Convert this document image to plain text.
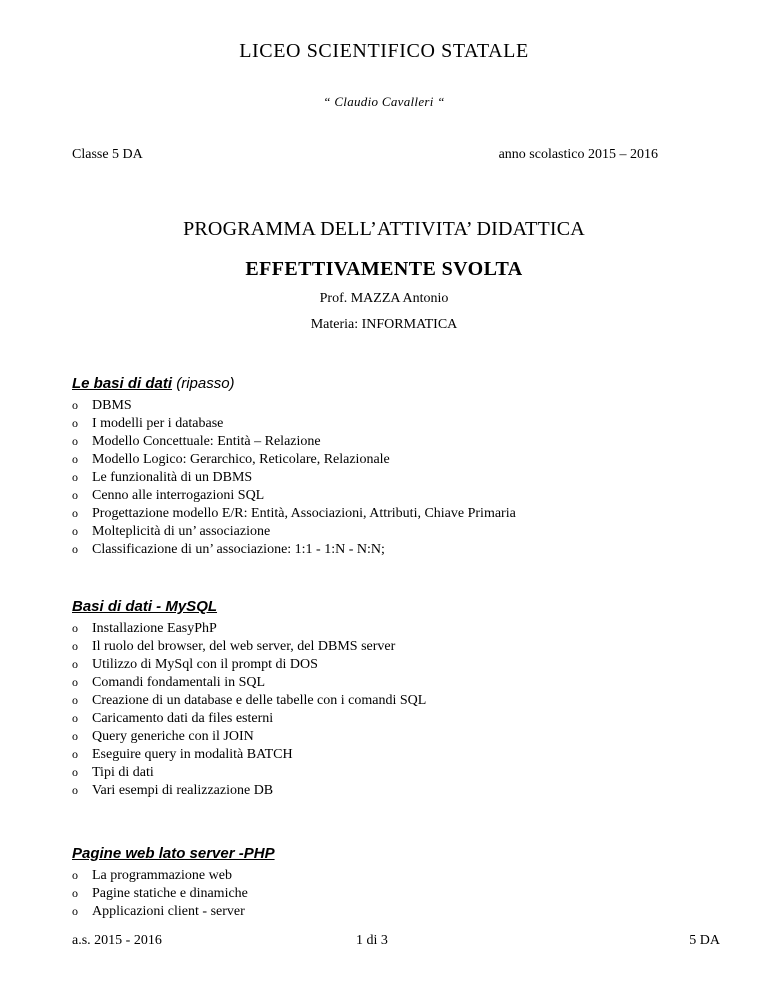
LICEO SCIENTIFICO STATALE
“ Claudio Cavalleri “
Classe 5 DA	anno scolastico 2015 – 2016
PROGRAMMA DELL’ATTIVITA’ DIDATTICA
EFFETTIVAMENTE SVOLTA
Prof. MAZZA Antonio
Materia: INFORMATICA
Le basi di dati (ripasso)
o DBMS
o I modelli per i database
o Modello Concettuale: Entità – Relazione
o Modello Logico: Gerarchico, Reticolare, Relazionale
o Le funzionalità di un DBMS
o Cenno alle interrogazioni SQL
o Progettazione modello E/R: Entità, Associazioni, Attributi, Chiave Primaria
o Molteplicità di un’ associazione
o Classificazione di un’ associazione: 1:1 - 1:N - N:N;
Basi di dati - MySQL
o Installazione EasyPhP
o Il ruolo del browser, del web server, del DBMS server
o Utilizzo di MySql con il prompt di DOS
o Comandi fondamentali in SQL
o Creazione di un database e delle tabelle con i comandi SQL
o Caricamento dati da files esterni
o Query generiche con il JOIN
o Eseguire query in modalità BATCH
o Tipi di dati
o Vari esempi di realizzazione DB
Pagine web lato server -PHP
o La programmazione web
o Pagine statiche e dinamiche
o Applicazioni client - server
a.s. 2015 - 2016	1 di 3	5 DA
